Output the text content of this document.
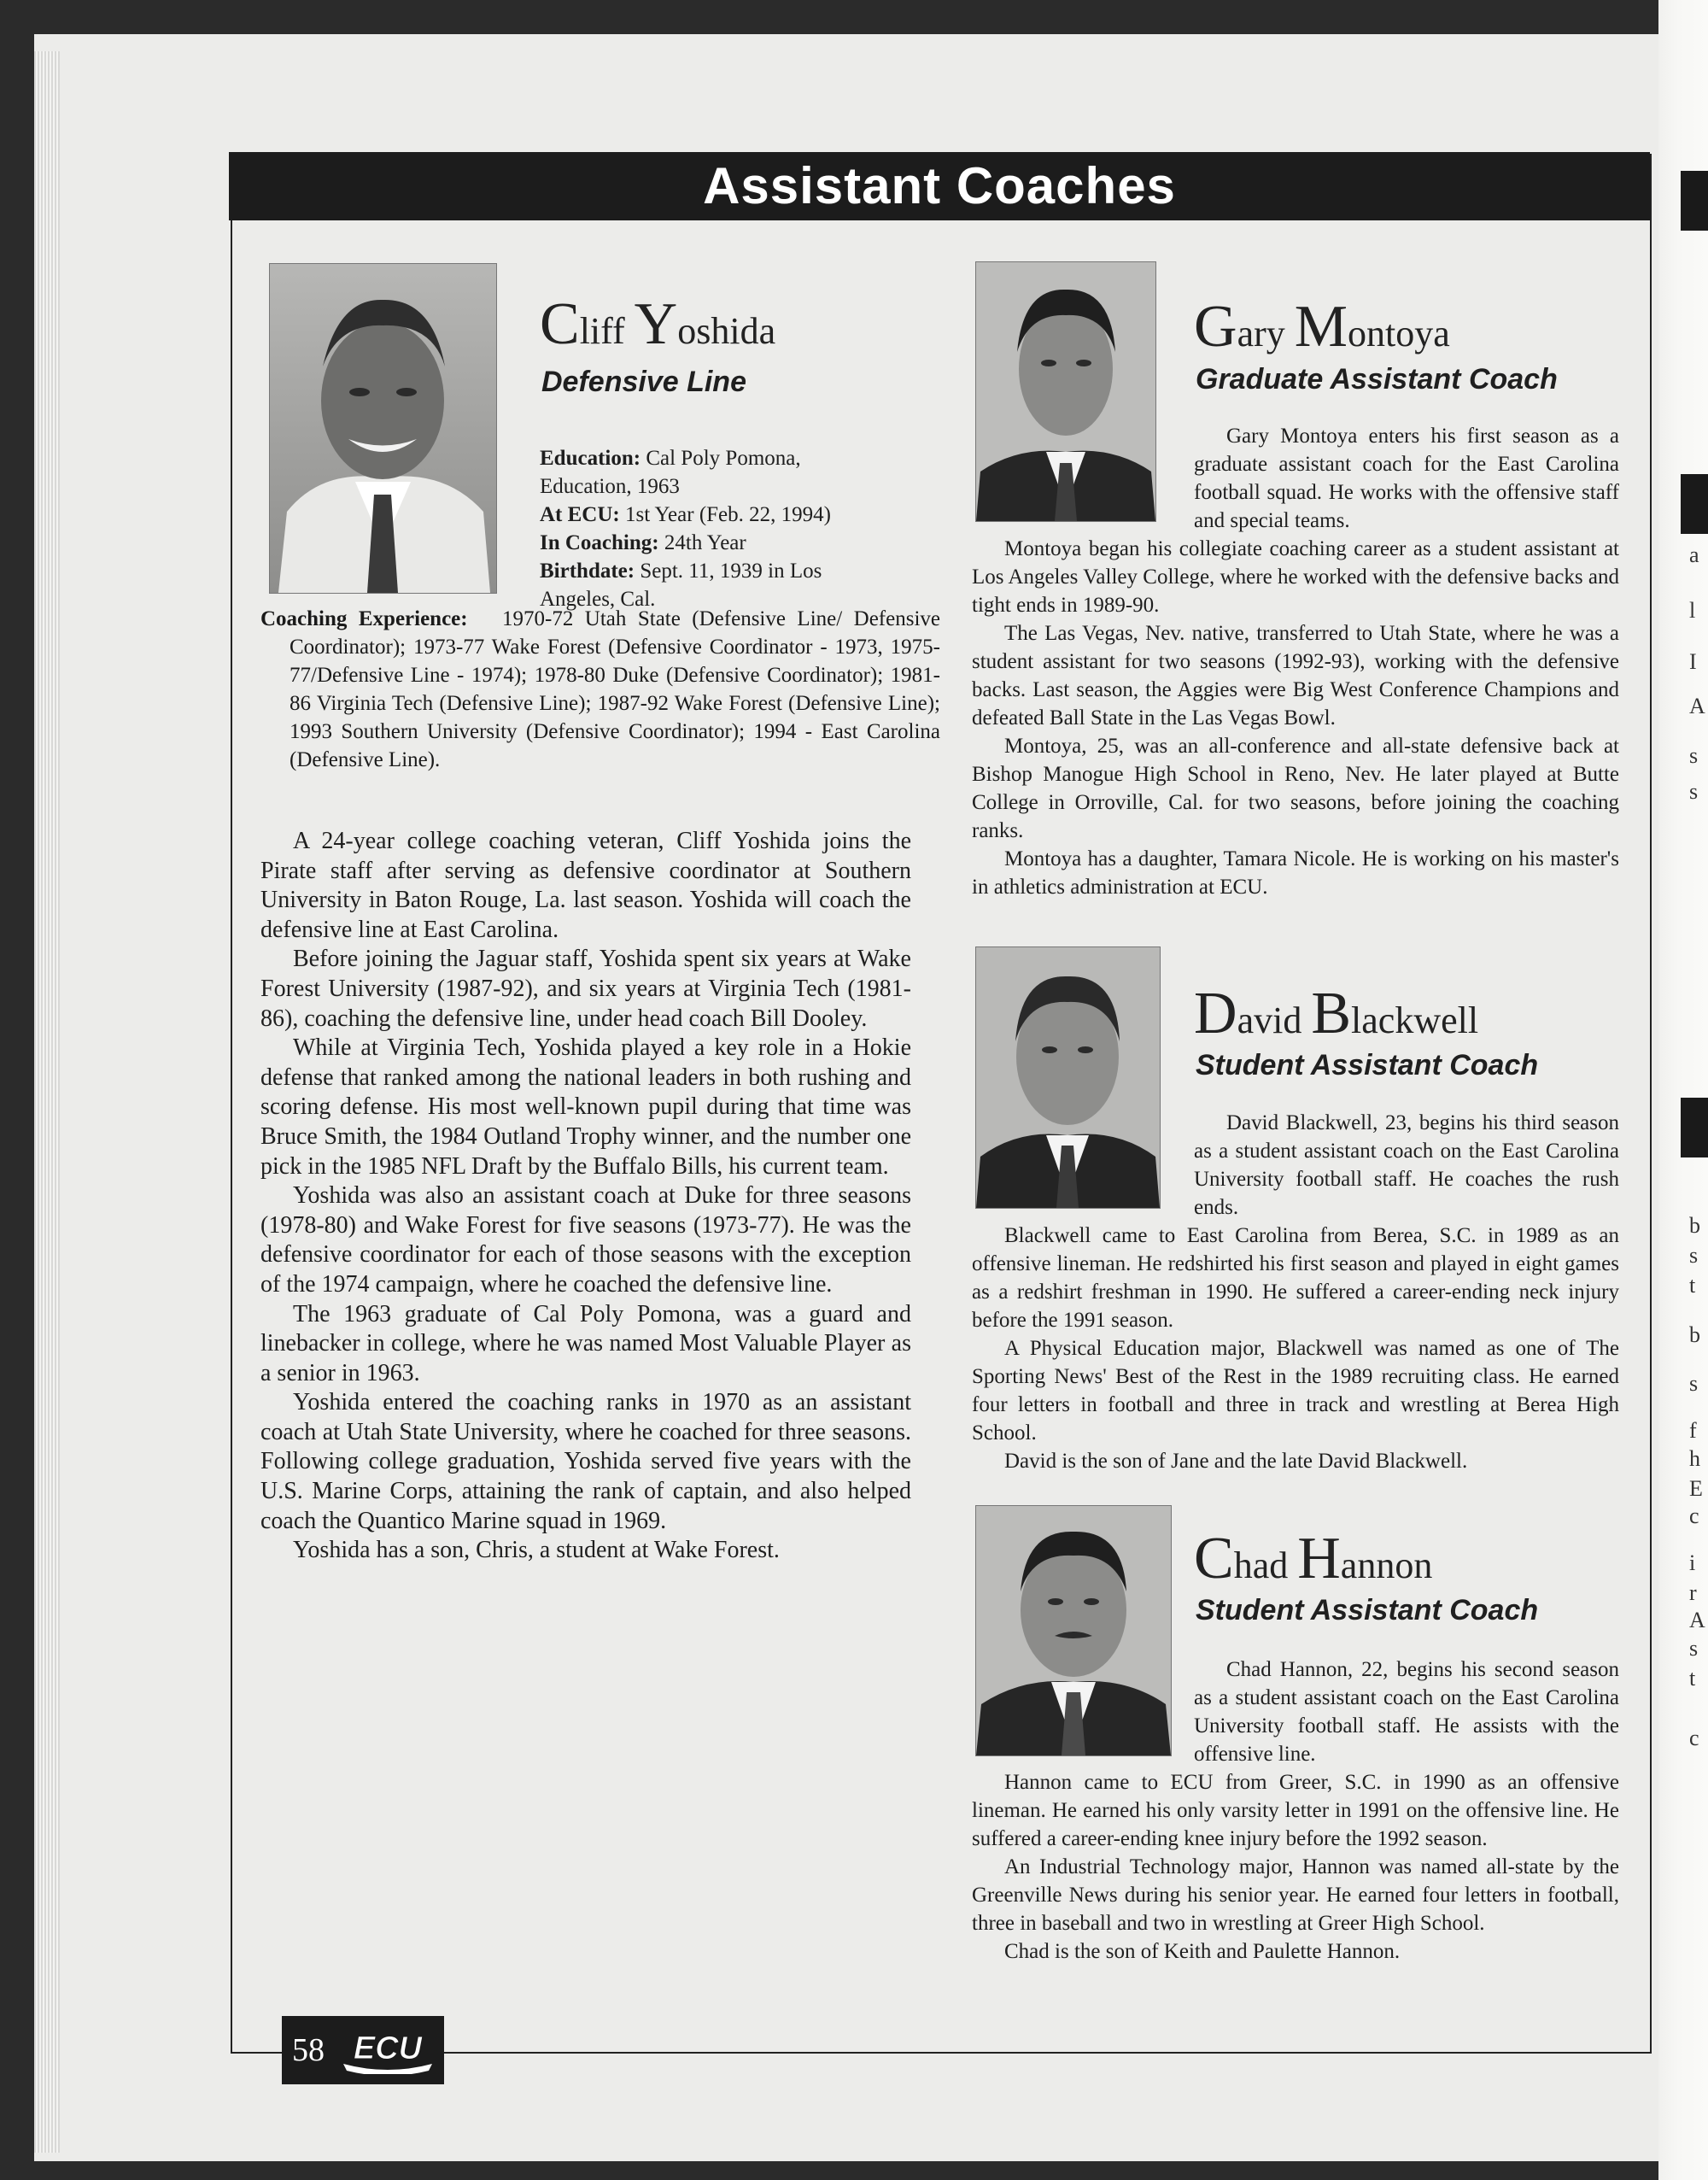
a
l
I
A
s
s
b
s
t
b
s
f
h
E
c
i
r
A
s
t
c
Assistant Coaches
Cliff Yoshida
Defensive Line
Education: Cal Poly Pomona, Education, 1963
At ECU: 1st Year (Feb. 22, 1994)
In Coaching: 24th Year
Birthdate: Sept. 11, 1939 in Los Angeles, Cal.
Coaching Experience: 1970-72 Utah State (Defensive Line/ Defensive Coordinator); 1973-77 Wake Forest (Defensive Coordinator - 1973, 1975-77/Defensive Line - 1974); 1978-80 Duke (Defensive Coordinator); 1981-86 Virginia Tech (Defensive Line); 1987-92 Wake Forest (Defensive Line); 1993 Southern University (Defensive Coordinator); 1994 - East Carolina (Defensive Line).

A 24-year college coaching veteran, Cliff Yoshida joins the Pirate staff after serving as defensive coordinator at Southern University in Baton Rouge, La. last season. Yoshida will coach the defensive line at East Carolina.

Before joining the Jaguar staff, Yoshida spent six years at Wake Forest University (1987-92), and six years at Virginia Tech (1981-86), coaching the defensive line, under head coach Bill Dooley.

While at Virginia Tech, Yoshida played a key role in a Hokie defense that ranked among the national leaders in both rushing and scoring defense. His most well-known pupil during that time was Bruce Smith, the 1984 Outland Trophy winner, and the number one pick in the 1985 NFL Draft by the Buffalo Bills, his current team.

Yoshida was also an assistant coach at Duke for three seasons (1978-80) and Wake Forest for five seasons (1973-77). He was the defensive coordinator for each of those seasons with the exception of the 1974 campaign, where he coached the defensive line.

The 1963 graduate of Cal Poly Pomona, was a guard and linebacker in college, where he was named Most Valuable Player as a senior in 1963.

Yoshida entered the coaching ranks in 1970 as an assistant coach at Utah State University, where he coached for three seasons. Following college graduation, Yoshida served five years with the U.S. Marine Corps, attaining the rank of captain, and also helped coach the Quantico Marine squad in 1969.

Yoshida has a son, Chris, a student at Wake Forest.

Gary Montoya
Graduate Assistant Coach

Gary Montoya enters his first season as a graduate assistant coach for the East Carolina football squad. He works with the offensive staff and special teams.

Montoya began his collegiate coaching career as a student assistant at Los Angeles Valley College, where he worked with the defensive backs and tight ends in 1989-90.

The Las Vegas, Nev. native, transferred to Utah State, where he was a student assistant for two seasons (1992-93), working with the defensive backs. Last season, the Aggies were Big West Conference Champions and defeated Ball State in the Las Vegas Bowl.

Montoya, 25, was an all-conference and all-state defensive back at Bishop Manogue High School in Reno, Nev. He later played at Butte College in Orroville, Cal. for two seasons, before joining the coaching ranks.

Montoya has a daughter, Tamara Nicole. He is working on his master's in athletics administration at ECU.

David Blackwell
Student Assistant Coach

David Blackwell, 23, begins his third season as a student assistant coach on the East Carolina University football staff. He coaches the rush ends.

Blackwell came to East Carolina from Berea, S.C. in 1989 as an offensive lineman. He redshirted his first season and played in eight games as a redshirt freshman in 1990. He suffered a career-ending neck injury before the 1991 season.

A Physical Education major, Blackwell was named as one of The Sporting News' Best of the Rest in the 1989 recruiting class. He earned four letters in football and three in track and wrestling at Berea High School.

David is the son of Jane and the late David Blackwell.

Chad Hannon
Student Assistant Coach

Chad Hannon, 22, begins his second season as a student assistant coach on the East Carolina University football staff. He assists with the offensive line.

Hannon came to ECU from Greer, S.C. in 1990 as an offensive lineman. He earned his only varsity letter in 1991 on the offensive line. He suffered a career-ending knee injury before the 1992 season.

An Industrial Technology major, Hannon was named all-state by the Greenville News during his senior year. He earned four letters in football, three in baseball and two in wrestling at Greer High School.

Chad is the son of Keith and Paulette Hannon.

58 ECU
